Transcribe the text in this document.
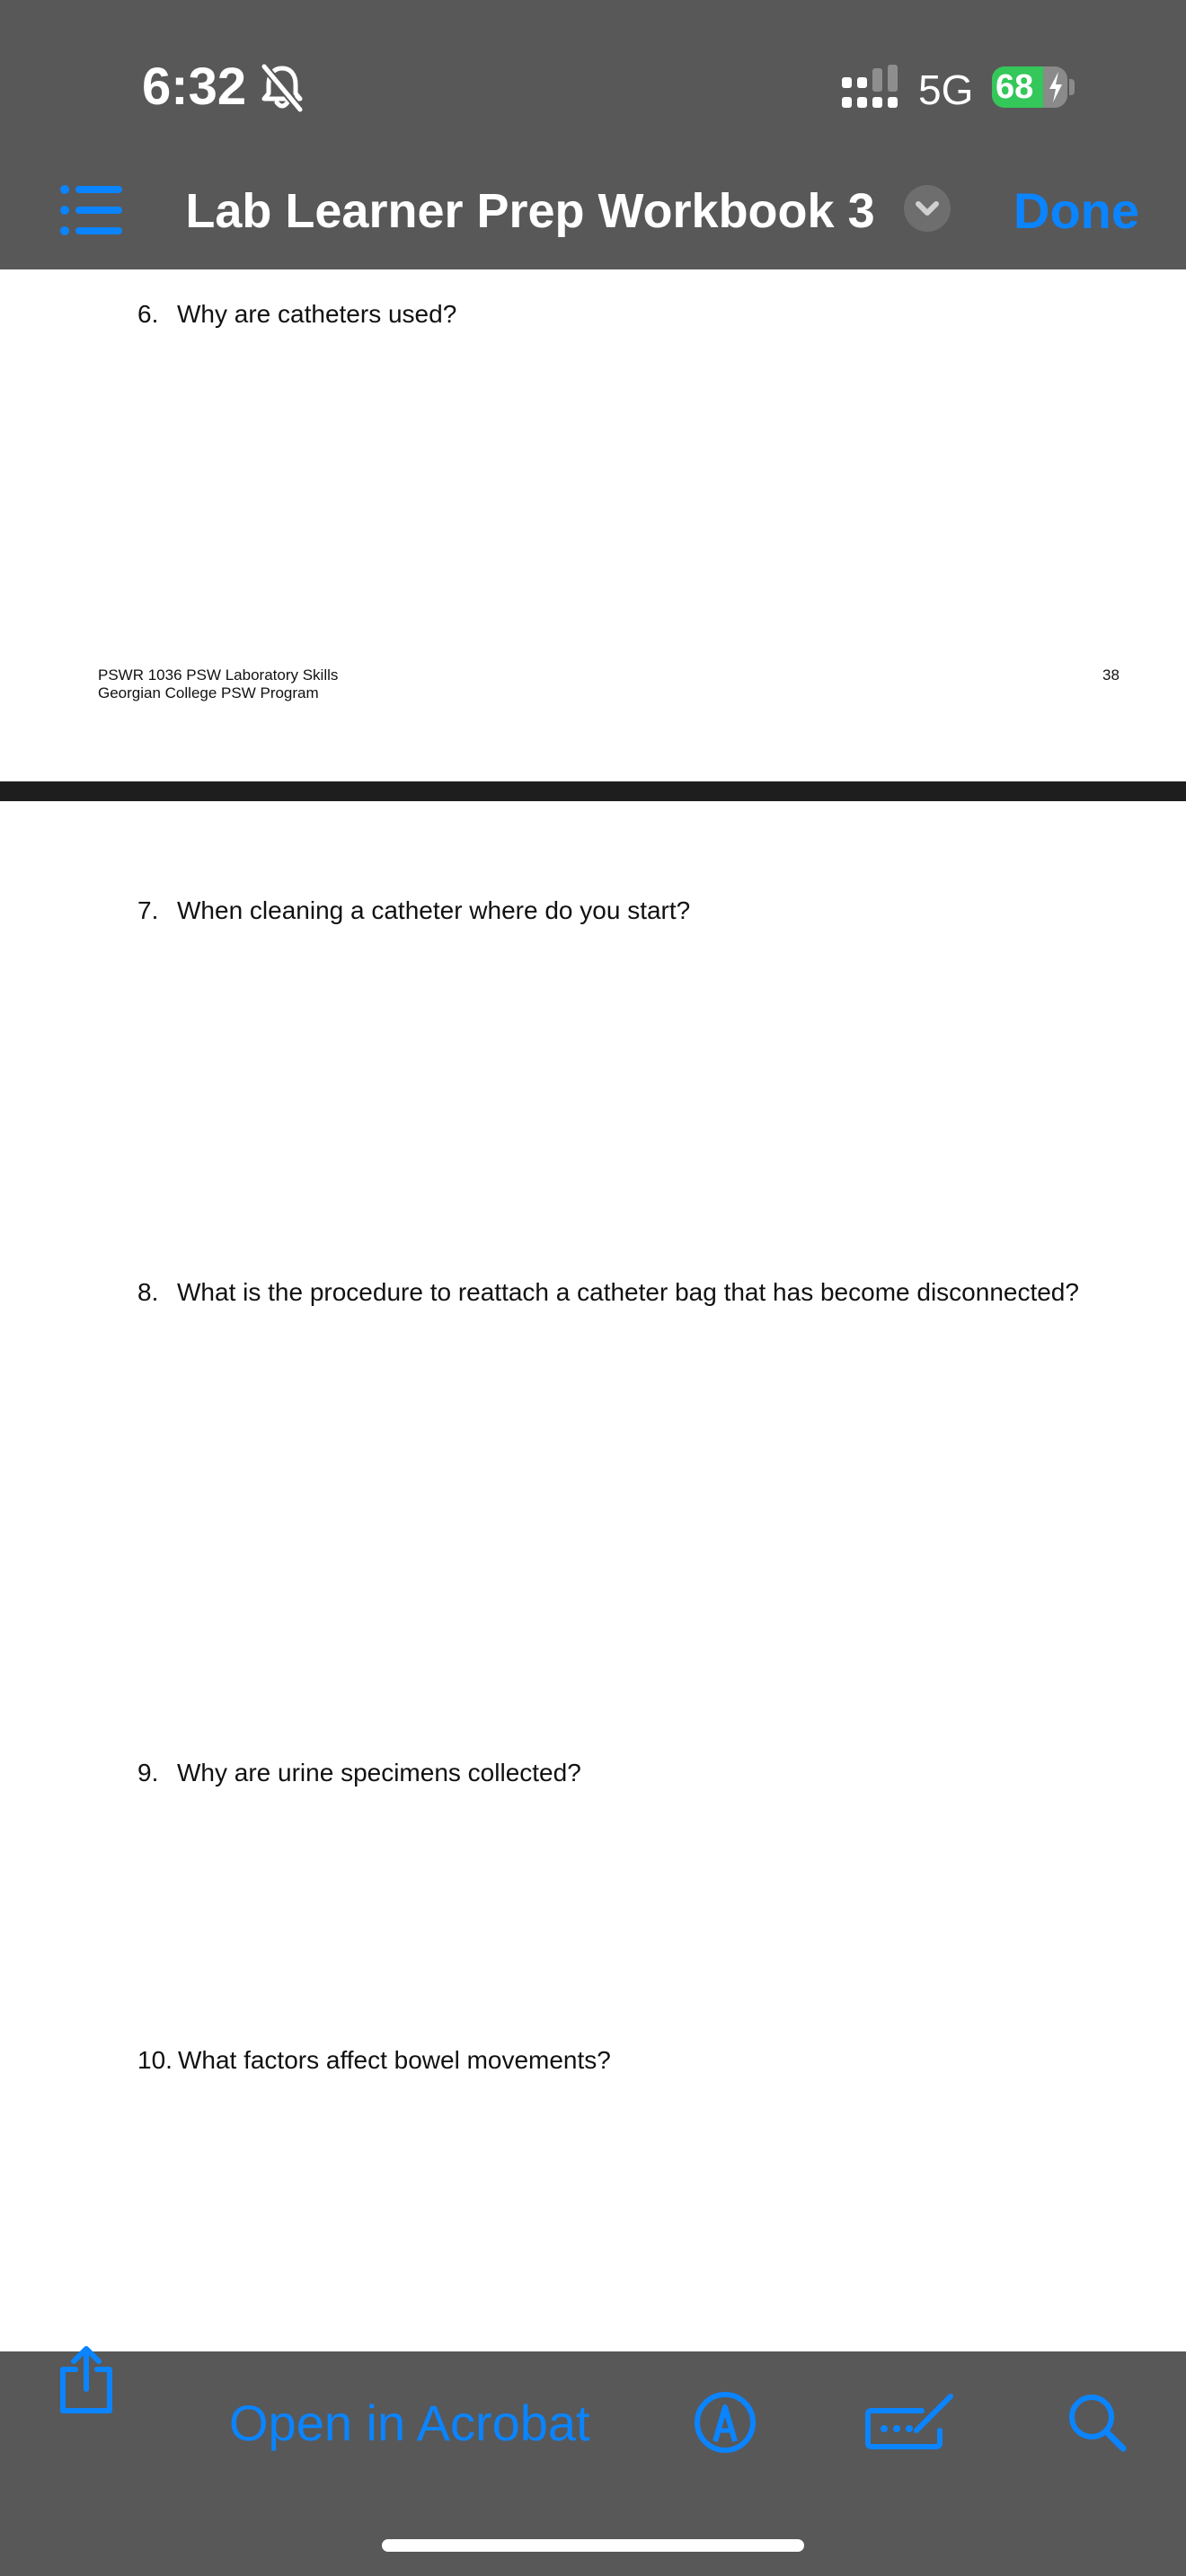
6:32	5G 68
Lab Learner Prep Workbook 3	Done
6. Why are catheters used?
PSWR 1036 PSW Laboratory Skills
Georgian College PSW Program
38
7. When cleaning a catheter where do you start?
8. What is the procedure to reattach a catheter bag that has become disconnected?
9. Why are urine specimens collected?
10. What factors affect bowel movements?
Open in Acrobat
